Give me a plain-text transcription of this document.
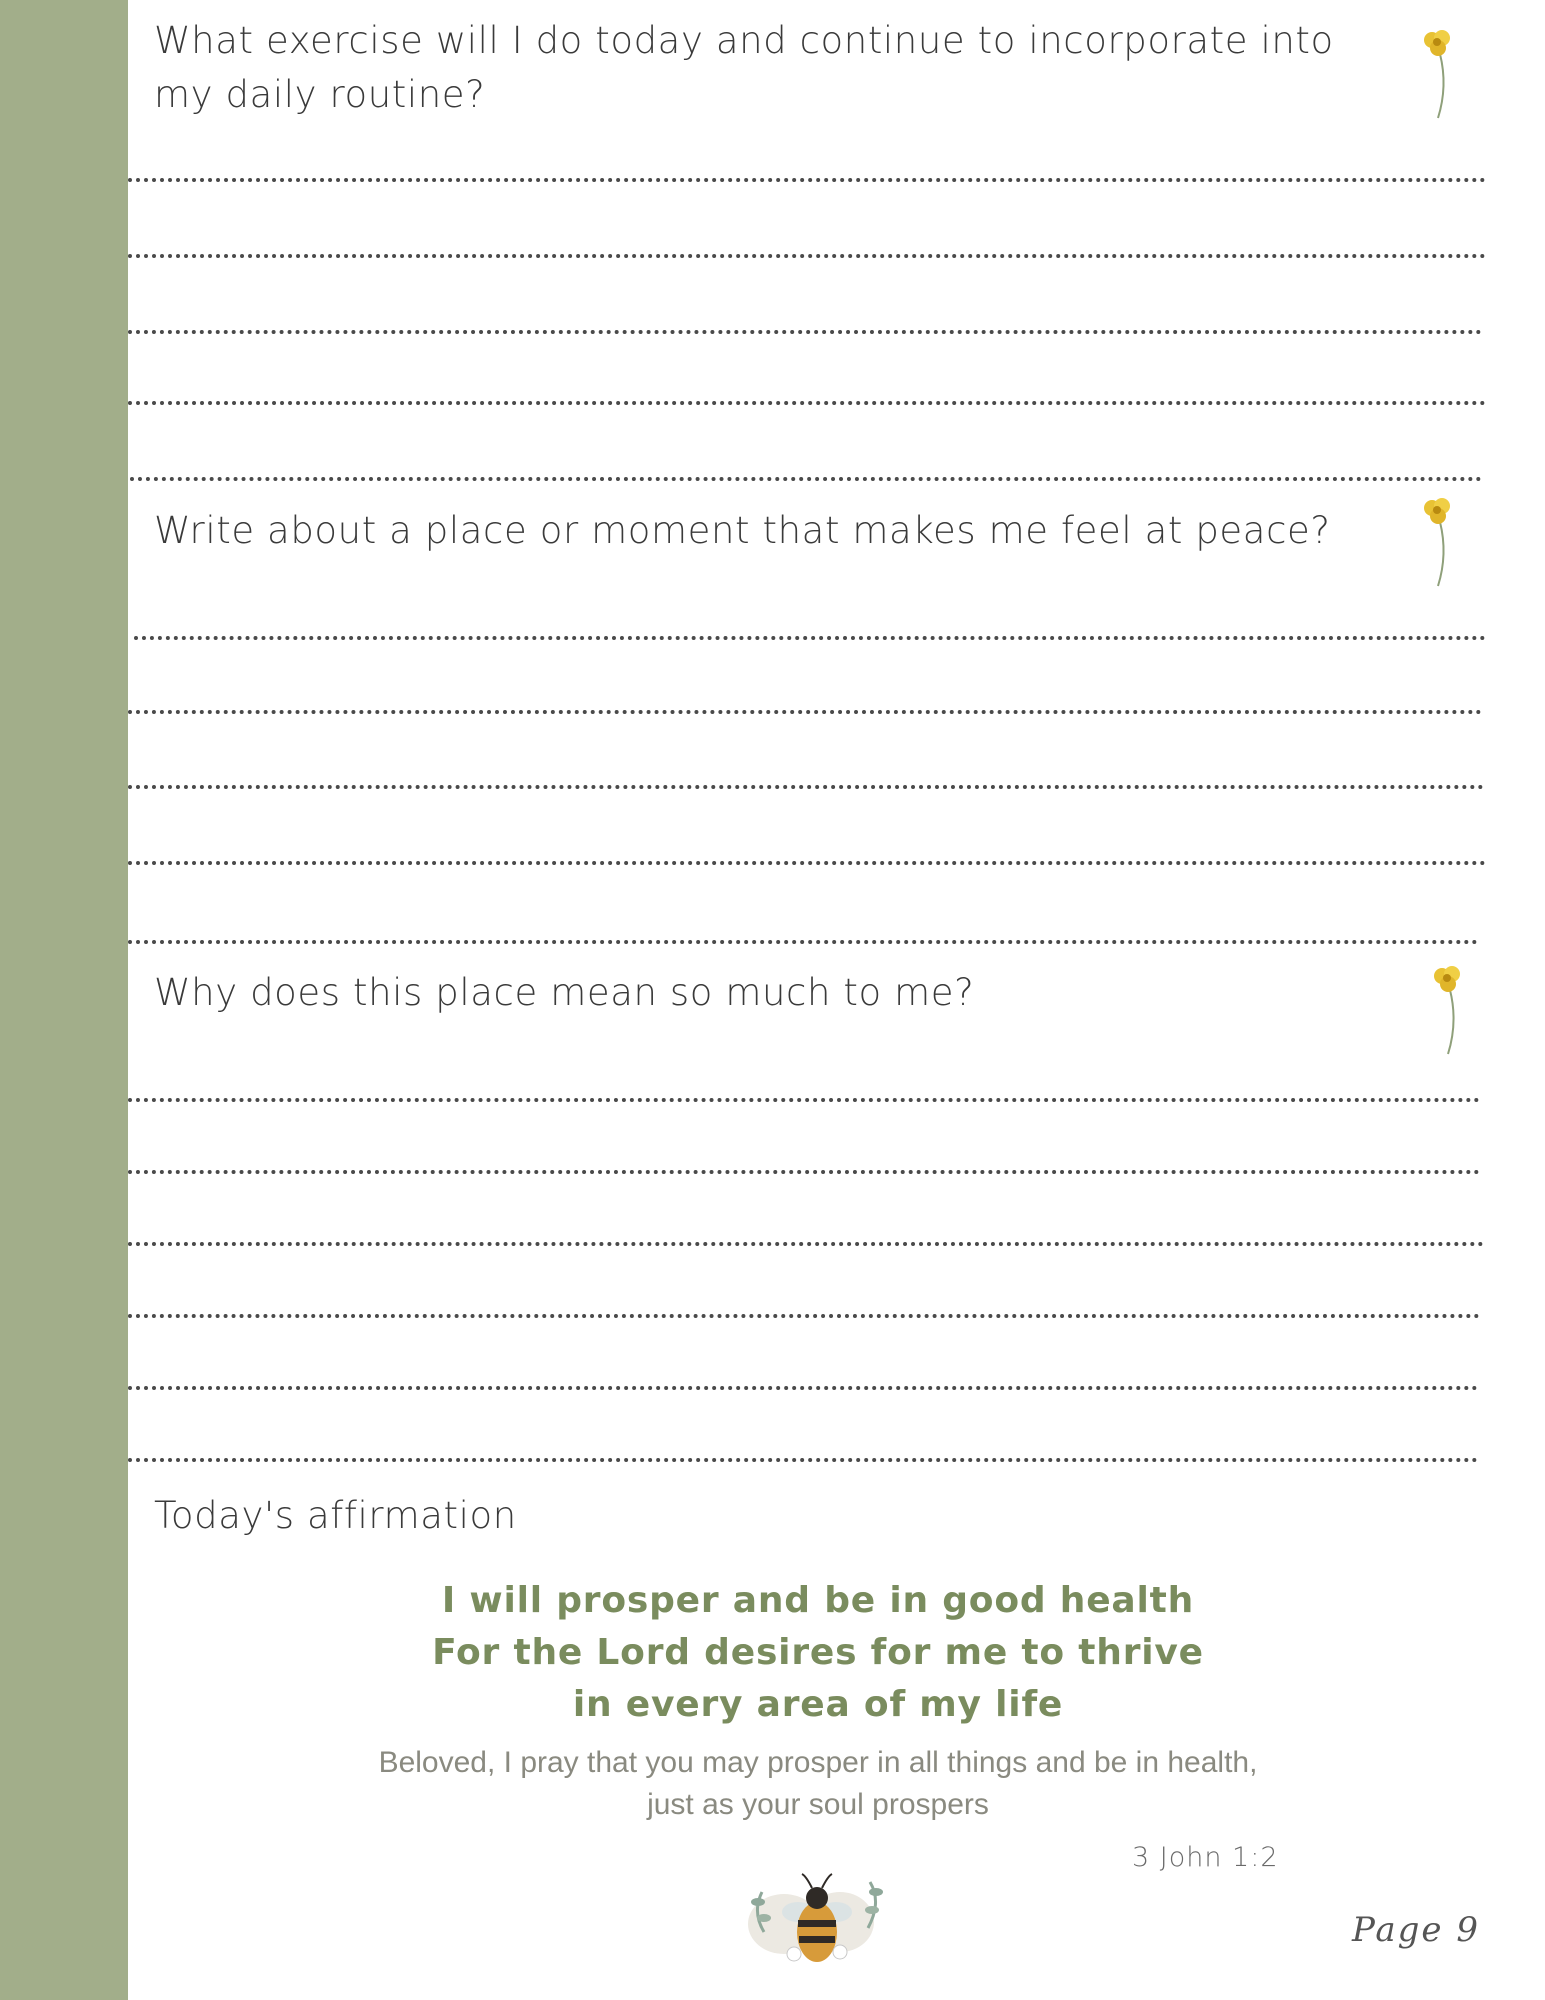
What exercise will I do today and continue to incorporate into my daily routine?

Write about a place or moment that makes me feel at peace?

Why does this place mean so much to me?

Today's affirmation

I will prosper and be in good health

For the Lord desires for me to thrive

in every area of my life

Beloved, I pray that you may prosper in all things and be in health,

just as your soul prospers

3 John 1:2
Page 9
